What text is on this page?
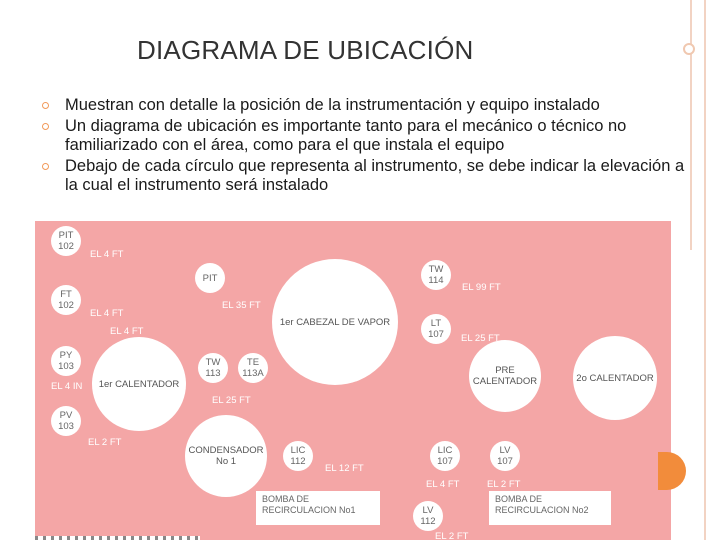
DIAGRAMA DE UBICACIÓN
Muestran con detalle la posición de la instrumentación y equipo instalado
Un diagrama de ubicación es importante tanto para el mecánico o técnico no familiarizado con el área, como para el que instala el equipo
Debajo de cada círculo que representa al instrumento, se debe indicar la elevación a la cual el instrumento será instalado
PIT
102
FT
102
PY
103
PV
103
PIT
TW
113
TE
113A
TW
114
LT
107
LIC
112
LIC
107
LV
107
LV
112
1er CABEZAL DE VAPOR
1er CALENTADOR
PRE CALENTADOR	2o CALENTADOR
CONDENSADOR No 1
EL 4 FT
EL 4 FT
EL 4 FT
EL 4 IN
EL 2 FT
EL 35 FT
EL 25 FT
EL 99 FT
EL 25 FT
EL 12 FT
EL 4 FT	EL 2 FT
EL 2 FT
BOMBA DE
RECIRCULACION No1
BOMBA DE
RECIRCULACION No2
